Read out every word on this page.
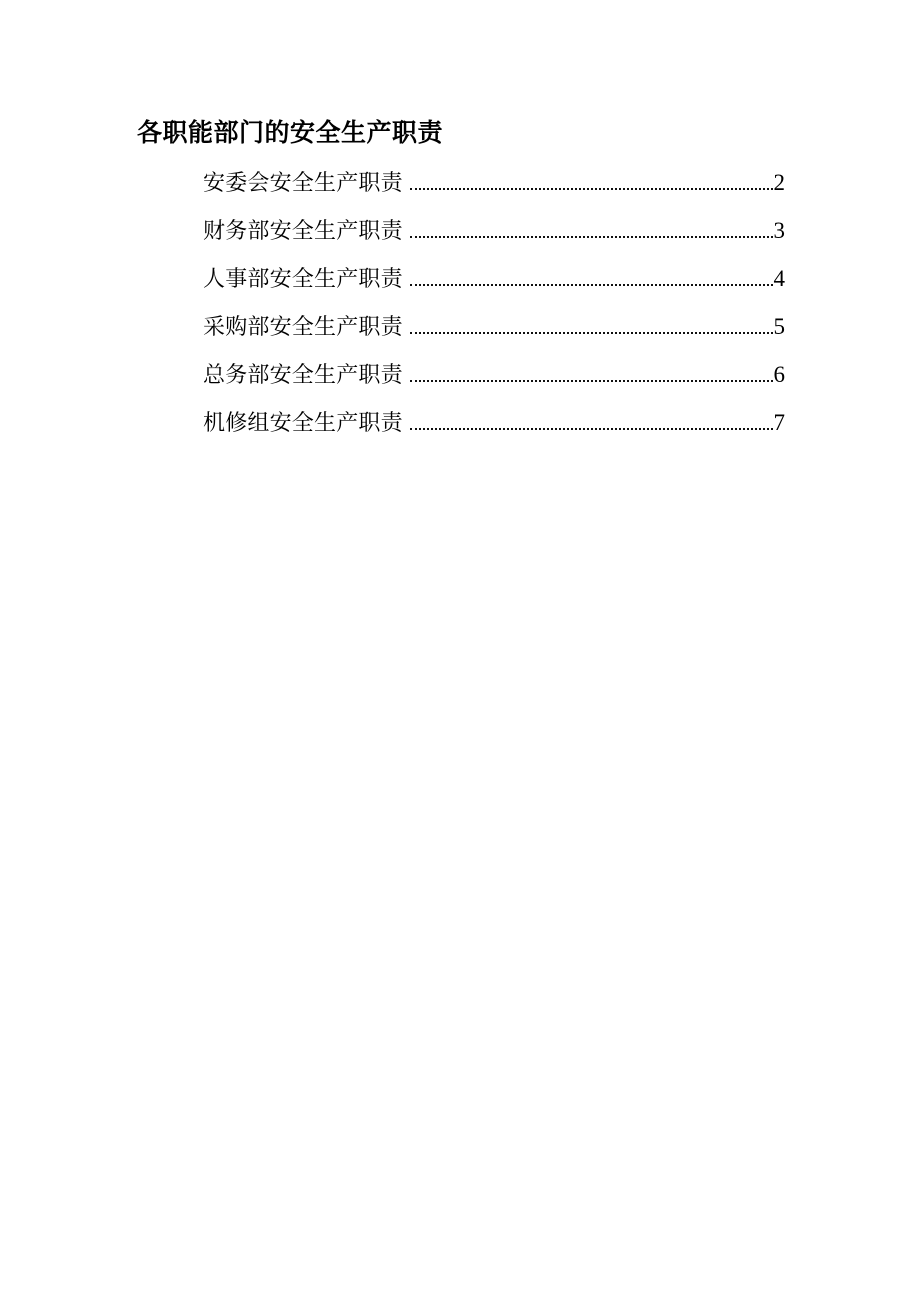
各职能部门的安全生产职责
安委会安全生产职责	2
财务部安全生产职责	3
人事部安全生产职责	4
采购部安全生产职责	5
总务部安全生产职责	6
机修组安全生产职责	7
